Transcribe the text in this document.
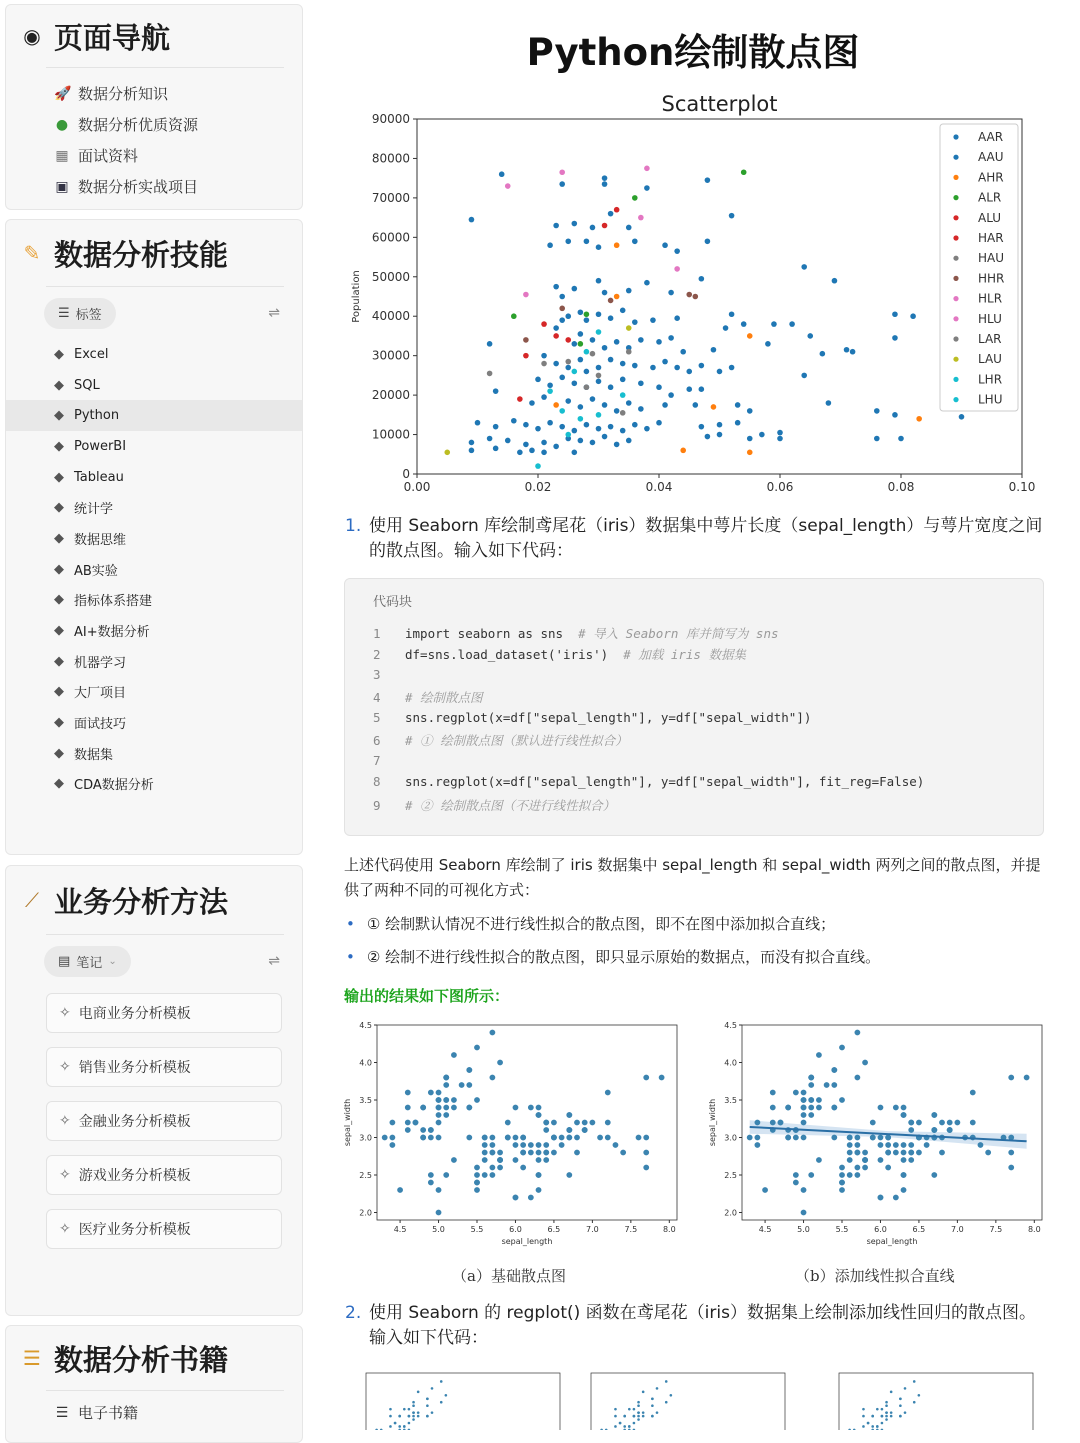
◉ 页面导航
🚀 数据分析知识
● 数据分析优质资源
▦ 面试资料
▣ 数据分析实战项目
✎ 数据分析技能
☰ 标签	⇌
◆ Excel
◆ SQL
◆ Python
◆ PowerBI
◆ Tableau
◆ 统计学
◆ 数据思维
◆ AB实验
◆ 指标体系搭建
◆ AI+数据分析
◆ 机器学习
◆ 大厂项目
◆ 面试技巧
◆ 数据集
◆ CDA数据分析
⟋ 业务分析方法
▤ 笔记 ⌄	⇌
✧ 电商业务分析模板
✧ 销售业务分析模板
✧ 金融业务分析模板
✧ 游戏业务分析模板
✧ 医疗业务分析模板
☰ 数据分析书籍
☰ 电子书籍
Python绘制散点图
Scatterplot
0
10000
20000
30000
40000
50000
60000
70000
80000
90000
0.00	0.02	0.04	0.06	0.08	0.10
Population
AAR
AAU
AHR
ALR
ALU
HAR
HAU
HHR
HLR
HLU
LAR
LAU
LHR
LHU
1. 使用 Seaborn 库绘制鸢尾花（iris）数据集中萼片长度（sepal_length）与萼片宽度之间的散点图。输入如下代码：
代码块
1 import seaborn as sns # 导入 Seaborn 库并简写为 sns
2 df=sns.load_dataset('iris') # 加载 iris 数据集
3
4 # 绘制散点图
5 sns.regplot(x=df["sepal_length"], y=df["sepal_width"])
6 # ① 绘制散点图（默认进行线性拟合）
7
8 sns.regplot(x=df["sepal_length"], y=df["sepal_width"], fit_reg=False)
9 # ② 绘制散点图（不进行线性拟合）
上述代码使用 Seaborn 库绘制了 iris 数据集中 sepal_length 和 sepal_width 两列之间的散点图，并提供了两种不同的可视化方式：
• ① 绘制默认情况不进行线性拟合的散点图，即不在图中添加拟合直线；
• ② 绘制不进行线性拟合的散点图，即只显示原始的数据点，而没有拟合直线。
输出的结果如下图所示：
2.0
2.5
3.0
3.5
4.0
4.5
4.5	5.0	5.5	6.0	6.5	7.0	7.5	8.0
sepal_length
sepal_width
2.0
2.5
3.0
3.5
4.0
4.5
4.5	5.0	5.5	6.0	6.5	7.0	7.5	8.0
sepal_length
sepal_width
（a）基础散点图	（b）添加线性拟合直线
2. 使用 Seaborn 的 regplot() 函数在鸢尾花（iris）数据集上绘制添加线性回归的散点图。输入如下代码：
